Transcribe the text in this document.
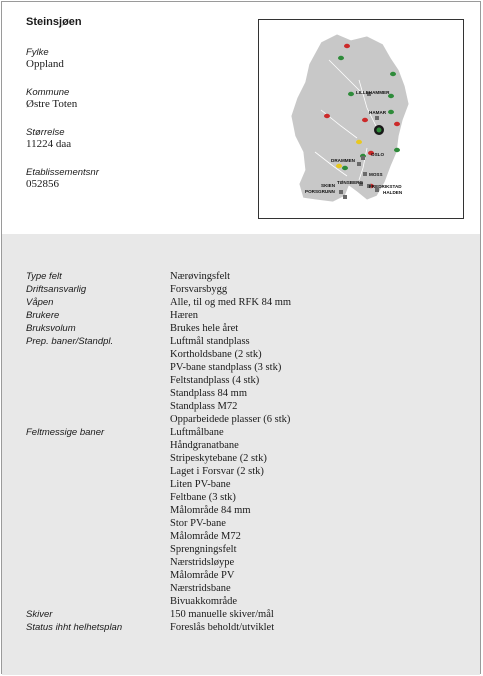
Steinsjøen
Fylke
Oppland
Kommune
Østre Toten
Størrelse
11224 daa
Etablissementsnr
052856
LILLEHAMMER
HAMAR
OSLO
DRAMMEN
MOSS
TØNSBERG
FREDRIKSTAD
HALDEN
SKIEN
PORSGRUNN
Type felt	Nærøvingsfelt
Driftsansvarlig	Forsvarsbygg
Våpen	Alle, til og med RFK 84 mm
Brukere	Hæren
Bruksvolum	Brukes hele året
Prep. baner/Standpl.	Luftmål standplass
Kortholdsbane (2 stk)
PV-bane standplass (3 stk)
Feltstandplass (4 stk)
Standplass 84 mm
Standplass M72
Opparbeidede plasser (6 stk)
Feltmessige baner	Luftmålbane
Håndgranatbane
Stripeskytebane (2 stk)
Laget i Forsvar (2 stk)
Liten PV-bane
Feltbane (3 stk)
Målområde 84 mm
Stor PV-bane
Målområde M72
Sprengningsfelt
Nærstridsløype
Målområde PV
Nærstridsbane
Bivuakkområde
Skiver	150 manuelle skiver/mål
Status ihht helhetsplan	Foreslås beholdt/utviklet
